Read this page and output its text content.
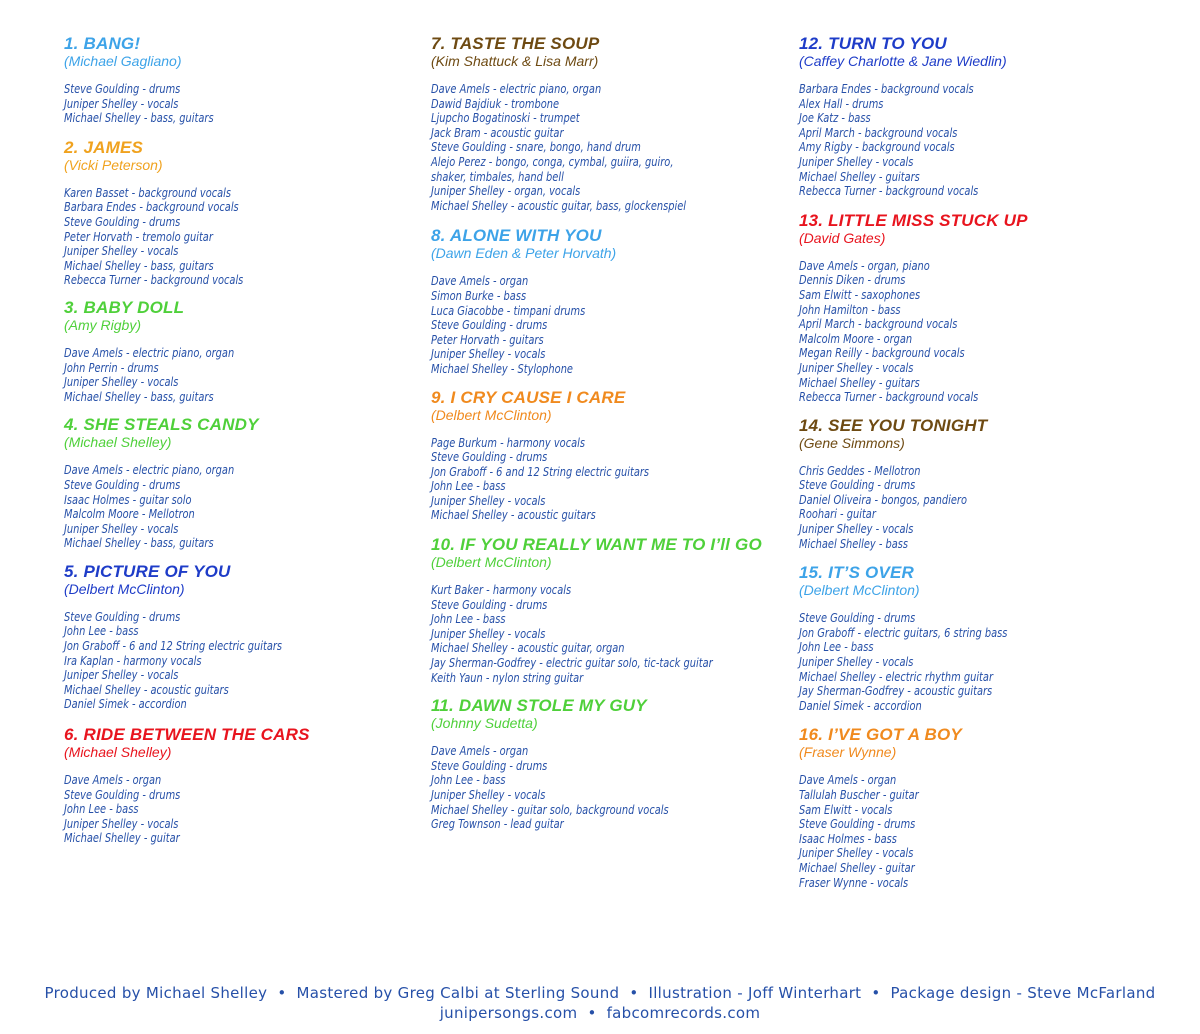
1. BANG!
(Michael Gagliano)
Steve Goulding - drums
Juniper Shelley - vocals
Michael Shelley - bass, guitars
2. JAMES
(Vicki Peterson)
Karen Basset - background vocals
Barbara Endes - background vocals
Steve Goulding - drums
Peter Horvath - tremolo guitar
Juniper Shelley - vocals
Michael Shelley - bass, guitars
Rebecca Turner - background vocals
3. BABY DOLL
(Amy Rigby)
Dave Amels - electric piano, organ
John Perrin - drums
Juniper Shelley - vocals
Michael Shelley - bass, guitars
4. SHE STEALS CANDY
(Michael Shelley)
Dave Amels - electric piano, organ
Steve Goulding - drums
Isaac Holmes - guitar solo
Malcolm Moore - Mellotron
Juniper Shelley - vocals
Michael Shelley - bass, guitars
5. PICTURE OF YOU
(Delbert McClinton)
Steve Goulding - drums
John Lee - bass
Jon Graboff - 6 and 12 String electric guitars
Ira Kaplan - harmony vocals
Juniper Shelley - vocals
Michael Shelley - acoustic guitars
Daniel Simek - accordion
6. RIDE BETWEEN THE CARS
(Michael Shelley)
Dave Amels - organ
Steve Goulding - drums
John Lee - bass
Juniper Shelley - vocals
Michael Shelley - guitar
7. TASTE THE SOUP
(Kim Shattuck & Lisa Marr)
Dave Amels - electric piano, organ
Dawid Bajdiuk - trombone
Ljupcho Bogatinoski - trumpet
Jack Bram - acoustic guitar
Steve Goulding - snare, bongo, hand drum
Alejo Perez - bongo, conga, cymbal, guiira, guiro,
shaker, timbales, hand bell
Juniper Shelley - organ, vocals
Michael Shelley - acoustic guitar, bass, glockenspiel
8. ALONE WITH YOU
(Dawn Eden & Peter Horvath)
Dave Amels - organ
Simon Burke - bass
Luca Giacobbe - timpani drums
Steve Goulding - drums
Peter Horvath - guitars
Juniper Shelley - vocals
Michael Shelley - Stylophone
9. I CRY CAUSE I CARE
(Delbert McClinton)
Page Burkum - harmony vocals
Steve Goulding - drums
Jon Graboff - 6 and 12 String electric guitars
John Lee - bass
Juniper Shelley - vocals
Michael Shelley - acoustic guitars
10. IF YOU REALLY WANT ME TO I’ll GO
(Delbert McClinton)
Kurt Baker - harmony vocals
Steve Goulding - drums
John Lee - bass
Juniper Shelley - vocals
Michael Shelley - acoustic guitar, organ
Jay Sherman-Godfrey - electric guitar solo, tic-tack guitar
Keith Yaun - nylon string guitar
11. DAWN STOLE MY GUY
(Johnny Sudetta)
Dave Amels - organ
Steve Goulding - drums
John Lee - bass
Juniper Shelley - vocals
Michael Shelley - guitar solo, background vocals
Greg Townson - lead guitar
12. TURN TO YOU
(Caffey Charlotte & Jane Wiedlin)
Barbara Endes - background vocals
Alex Hall - drums
Joe Katz - bass
April March - background vocals
Amy Rigby - background vocals
Juniper Shelley - vocals
Michael Shelley - guitars
Rebecca Turner - background vocals
13. LITTLE MISS STUCK UP
(David Gates)
Dave Amels - organ, piano
Dennis Diken - drums
Sam Elwitt - saxophones
John Hamilton - bass
April March - background vocals
Malcolm Moore - organ
Megan Reilly - background vocals
Juniper Shelley - vocals
Michael Shelley - guitars
Rebecca Turner - background vocals
14. SEE YOU TONIGHT
(Gene Simmons)
Chris Geddes - Mellotron
Steve Goulding - drums
Daniel Oliveira - bongos, pandiero
Roohari - guitar
Juniper Shelley - vocals
Michael Shelley - bass
15. IT’S OVER
(Delbert McClinton)
Steve Goulding - drums
Jon Graboff - electric guitars, 6 string bass
John Lee - bass
Juniper Shelley - vocals
Michael Shelley - electric rhythm guitar
Jay Sherman-Godfrey - acoustic guitars
Daniel Simek - accordion
16. I’VE GOT A BOY
(Fraser Wynne)
Dave Amels - organ
Tallulah Buscher - guitar
Sam Elwitt - vocals
Steve Goulding - drums
Isaac Holmes - bass
Juniper Shelley - vocals
Michael Shelley - guitar
Fraser Wynne - vocals
Produced by Michael Shelley • Mastered by Greg Calbi at Sterling Sound • Illustration - Joff Winterhart • Package design - Steve McFarland
junipersongs.com • fabcomrecords.com
